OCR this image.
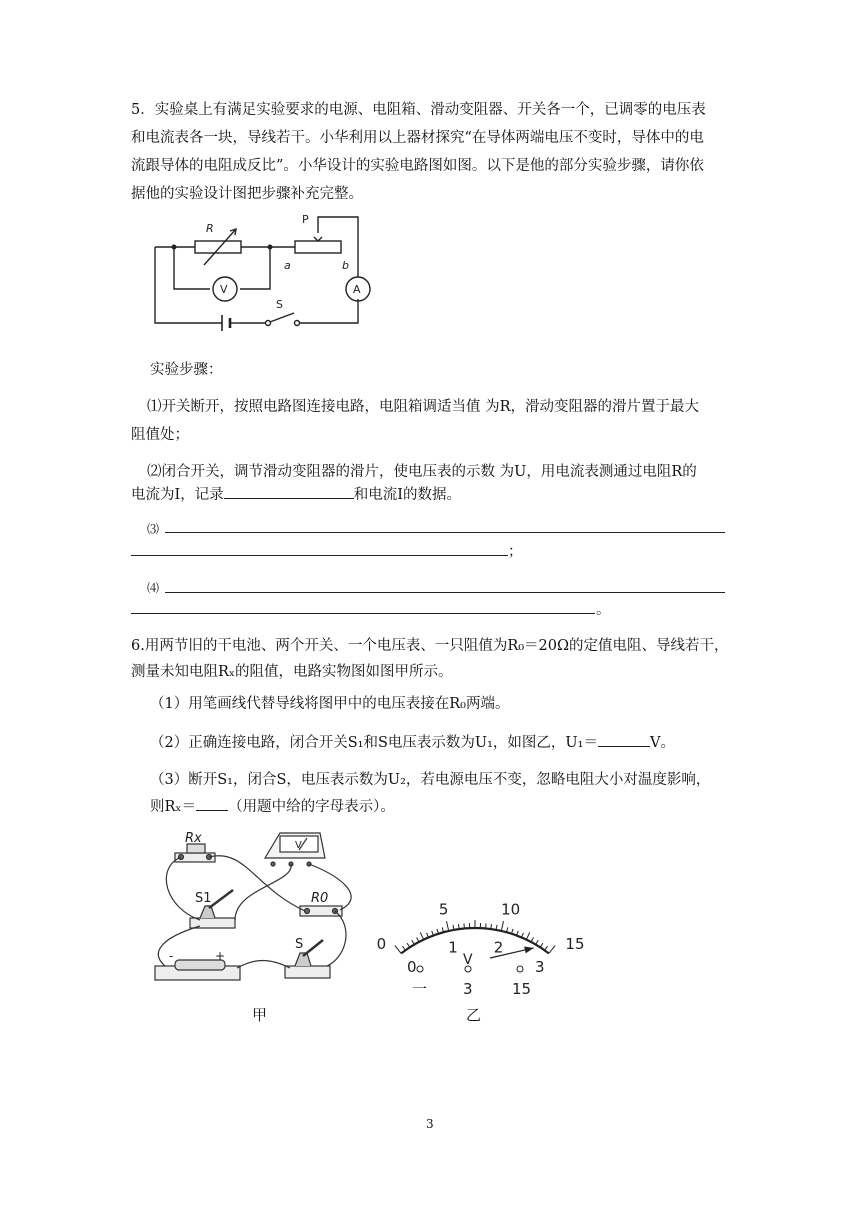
5．实验桌上有满足实验要求的电源、电阻箱、滑动变阻器、开关各一个，已调零的电压表
和电流表各一块，导线若干。小华利用以上器材探究“在导体两端电压不变时，导体中的电
流跟导体的电阻成反比”。小华设计的实验电路图如图。以下是他的部分实验步骤，请你依
据他的实验设计图把步骤补充完整。
R
P
V	A
a	b
S
实验步骤：
⑴开关断开，按照电路图连接电路，电阻箱调适当值 为R，滑动变阻器的滑片置于最大
阻值处；
⑵闭合开关，调节滑动变阻器的滑片，使电压表的示数 为U，用电流表测通过电阻R的
电流为I，记录	和电流I的数据。
⑶
；
⑷
。
6.用两节旧的干电池、两个开关、一个电压表、一只阻值为R₀＝20Ω的定值电阻、导线若干，
测量未知电阻Rₓ的阻值，电路实物图如图甲所示。
（1）用笔画线代替导线将图甲中的电压表接在R₀两端。
（2）正确连接电路，闭合开关S₁和S电压表示数为U₁，如图乙，U₁＝	V。
（3）断开S₁，闭合S，电压表示数为U₂，若电源电压不变，忽略电阻大小对温度影响，
则Rₓ＝ （用题中给的字母表示）。
Rx
S1	R0
S
-	+
V
甲
0
5	10
15
0
1 2
3
一 3	15
V
乙
3
